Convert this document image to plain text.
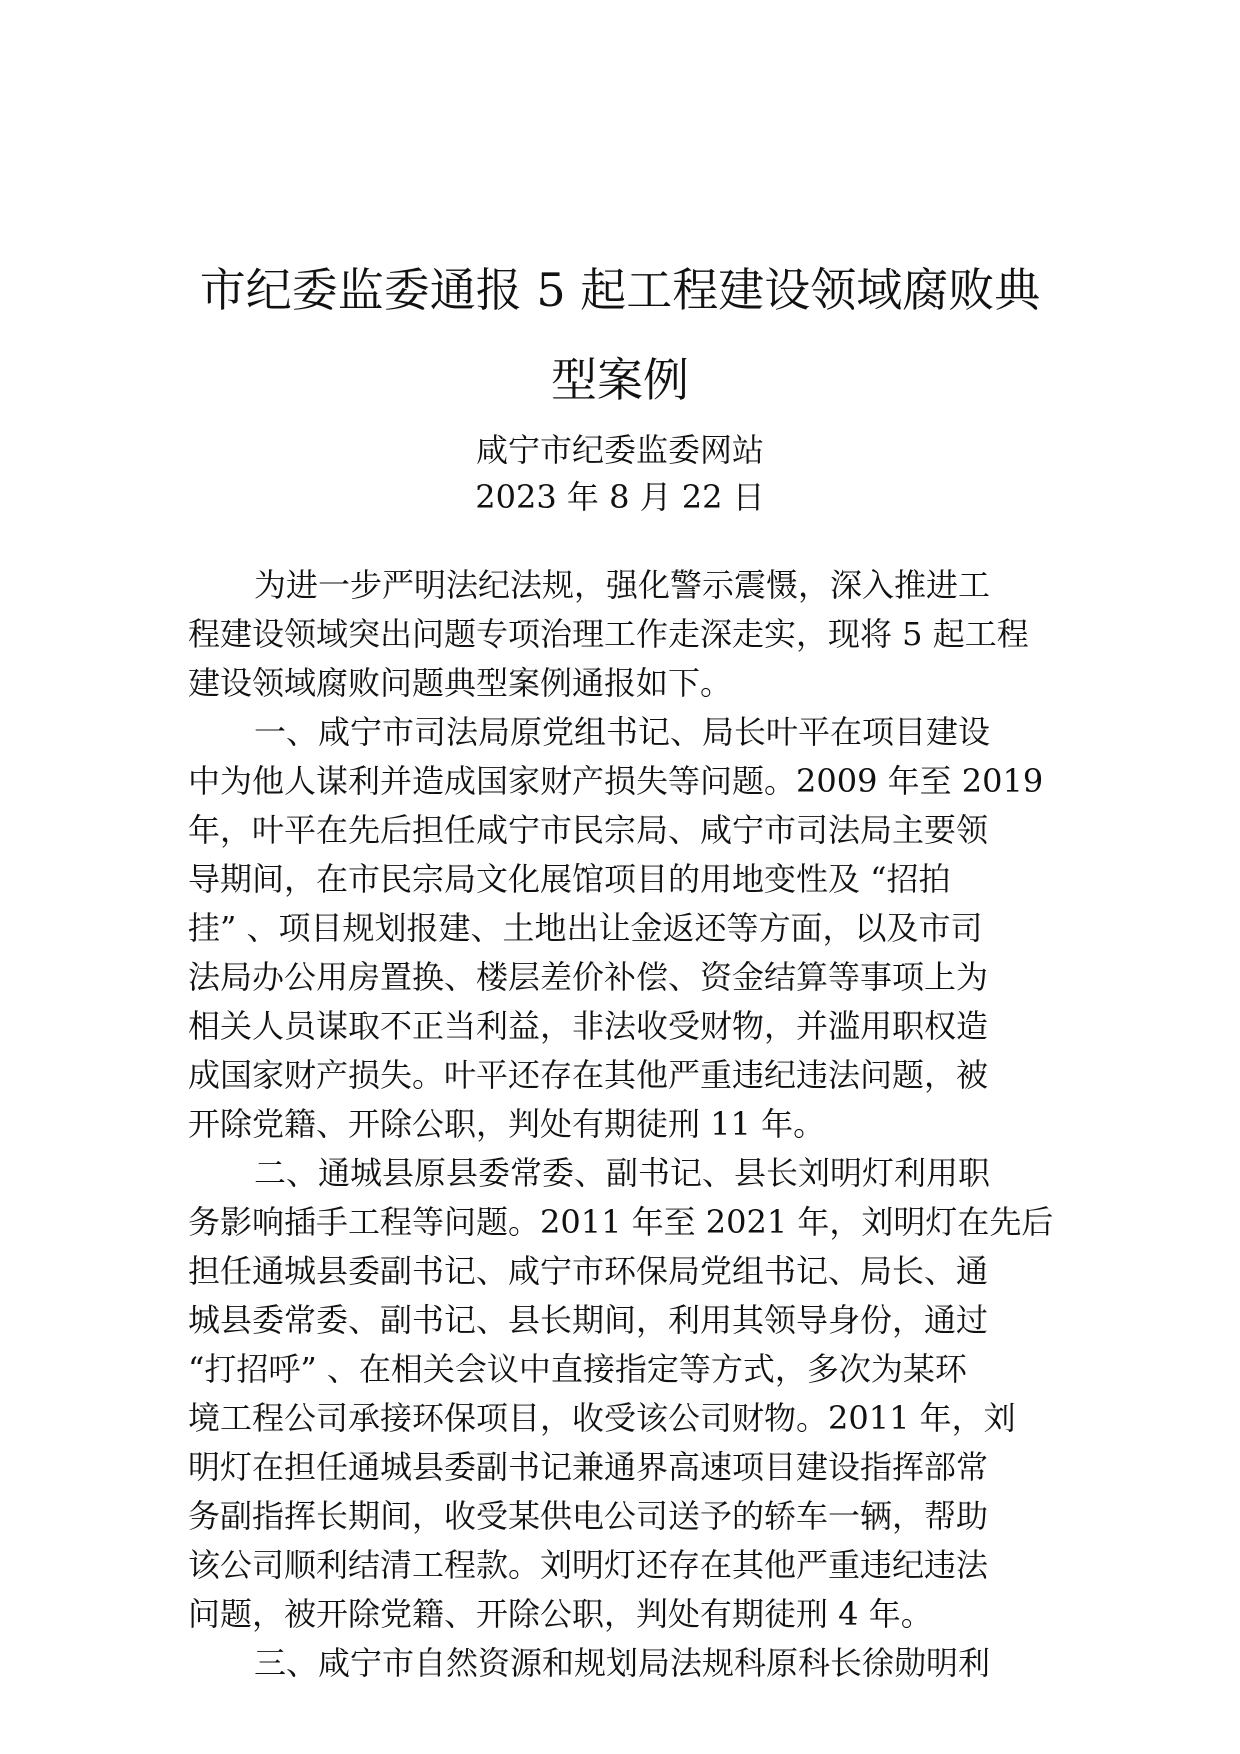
市纪委监委通报 5 起工程建设领域腐败典
型案例
咸宁市纪委监委网站
2023 年 8 月 22 日
为进一步严明法纪法规，强化警示震慑，深入推进工
程建设领域突出问题专项治理工作走深走实，现将 5 起工程
建设领域腐败问题典型案例通报如下。
一、咸宁市司法局原党组书记、局长叶平在项目建设
中为他人谋利并造成国家财产损失等问题。2009 年至 2019
年，叶平在先后担任咸宁市民宗局、咸宁市司法局主要领
导期间，在市民宗局文化展馆项目的用地变性及 “招拍
挂” 、项目规划报建、土地出让金返还等方面，以及市司
法局办公用房置换、楼层差价补偿、资金结算等事项上为
相关人员谋取不正当利益，非法收受财物，并滥用职权造
成国家财产损失。叶平还存在其他严重违纪违法问题，被
开除党籍、开除公职，判处有期徒刑 11 年。
二、通城县原县委常委、副书记、县长刘明灯利用职
务影响插手工程等问题。2011 年至 2021 年，刘明灯在先后
担任通城县委副书记、咸宁市环保局党组书记、局长、通
城县委常委、副书记、县长期间，利用其领导身份，通过
“打招呼” 、在相关会议中直接指定等方式，多次为某环
境工程公司承接环保项目，收受该公司财物。2011 年，刘
明灯在担任通城县委副书记兼通界高速项目建设指挥部常
务副指挥长期间，收受某供电公司送予的轿车一辆，帮助
该公司顺利结清工程款。刘明灯还存在其他严重违纪违法
问题，被开除党籍、开除公职，判处有期徒刑 4 年。
三、咸宁市自然资源和规划局法规科原科长徐勋明利
